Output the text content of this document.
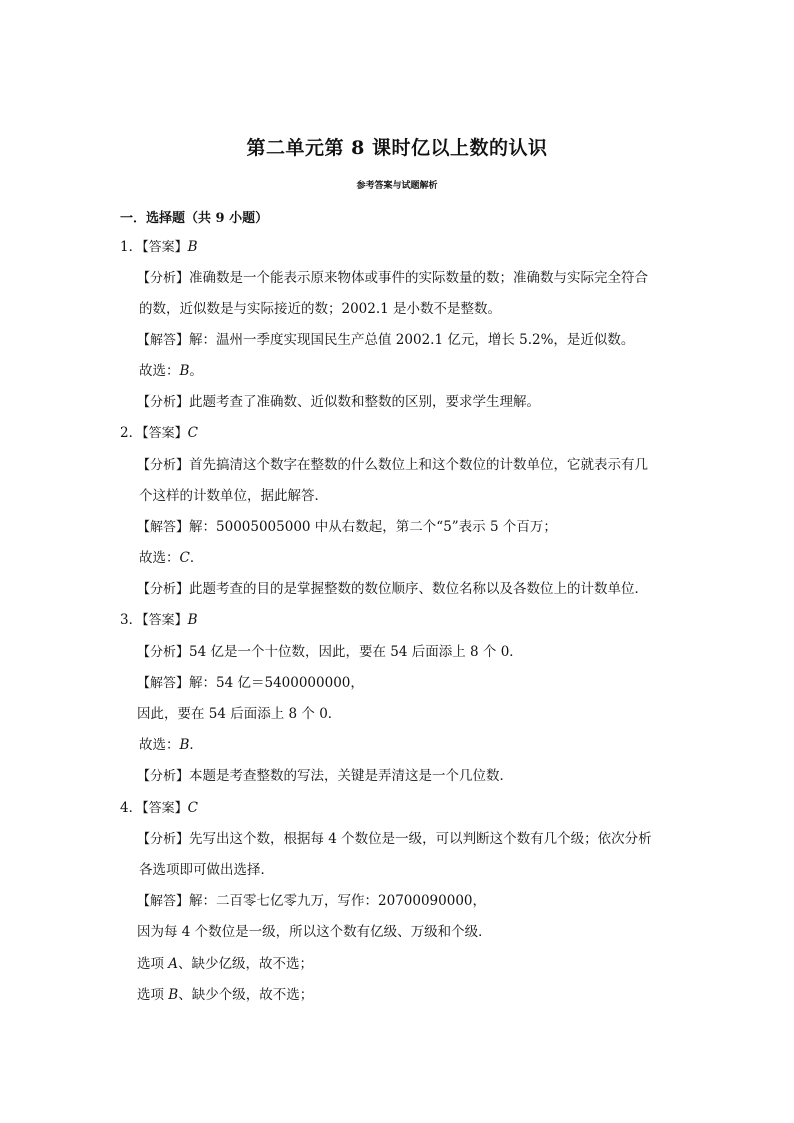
第二单元第 8 课时亿以上数的认识
参考答案与试题解析
一．选择题（共 9 小题）
1．【答案】B
【分析】准确数是一个能表示原来物体或事件的实际数量的数；准确数与实际完全符合
的数，近似数是与实际接近的数；2002.1 是小数不是整数。
【解答】解：温州一季度实现国民生产总值 2002.1 亿元，增长 5.2%，是近似数。
故选：B。
【分析】此题考查了准确数、近似数和整数的区别，要求学生理解。
2．【答案】C
【分析】首先搞清这个数字在整数的什么数位上和这个数位的计数单位，它就表示有几
个这样的计数单位，据此解答．
【解答】解：50005005000 中从右数起，第二个“5”表示 5 个百万；
故选：C．
【分析】此题考查的目的是掌握整数的数位顺序、数位名称以及各数位上的计数单位．
3．【答案】B
【分析】54 亿是一个十位数，因此，要在 54 后面添上 8 个 0．
【解答】解：54 亿＝5400000000，
因此，要在 54 后面添上 8 个 0．
故选：B．
【分析】本题是考查整数的写法，关键是弄清这是一个几位数．
4．【答案】C
【分析】先写出这个数，根据每 4 个数位是一级，可以判断这个数有几个级；依次分析
各选项即可做出选择．
【解答】解：二百零七亿零九万，写作：20700090000，
因为每 4 个数位是一级，所以这个数有亿级、万级和个级．
选项 A、缺少亿级，故不选；
选项 B、缺少个级，故不选；
